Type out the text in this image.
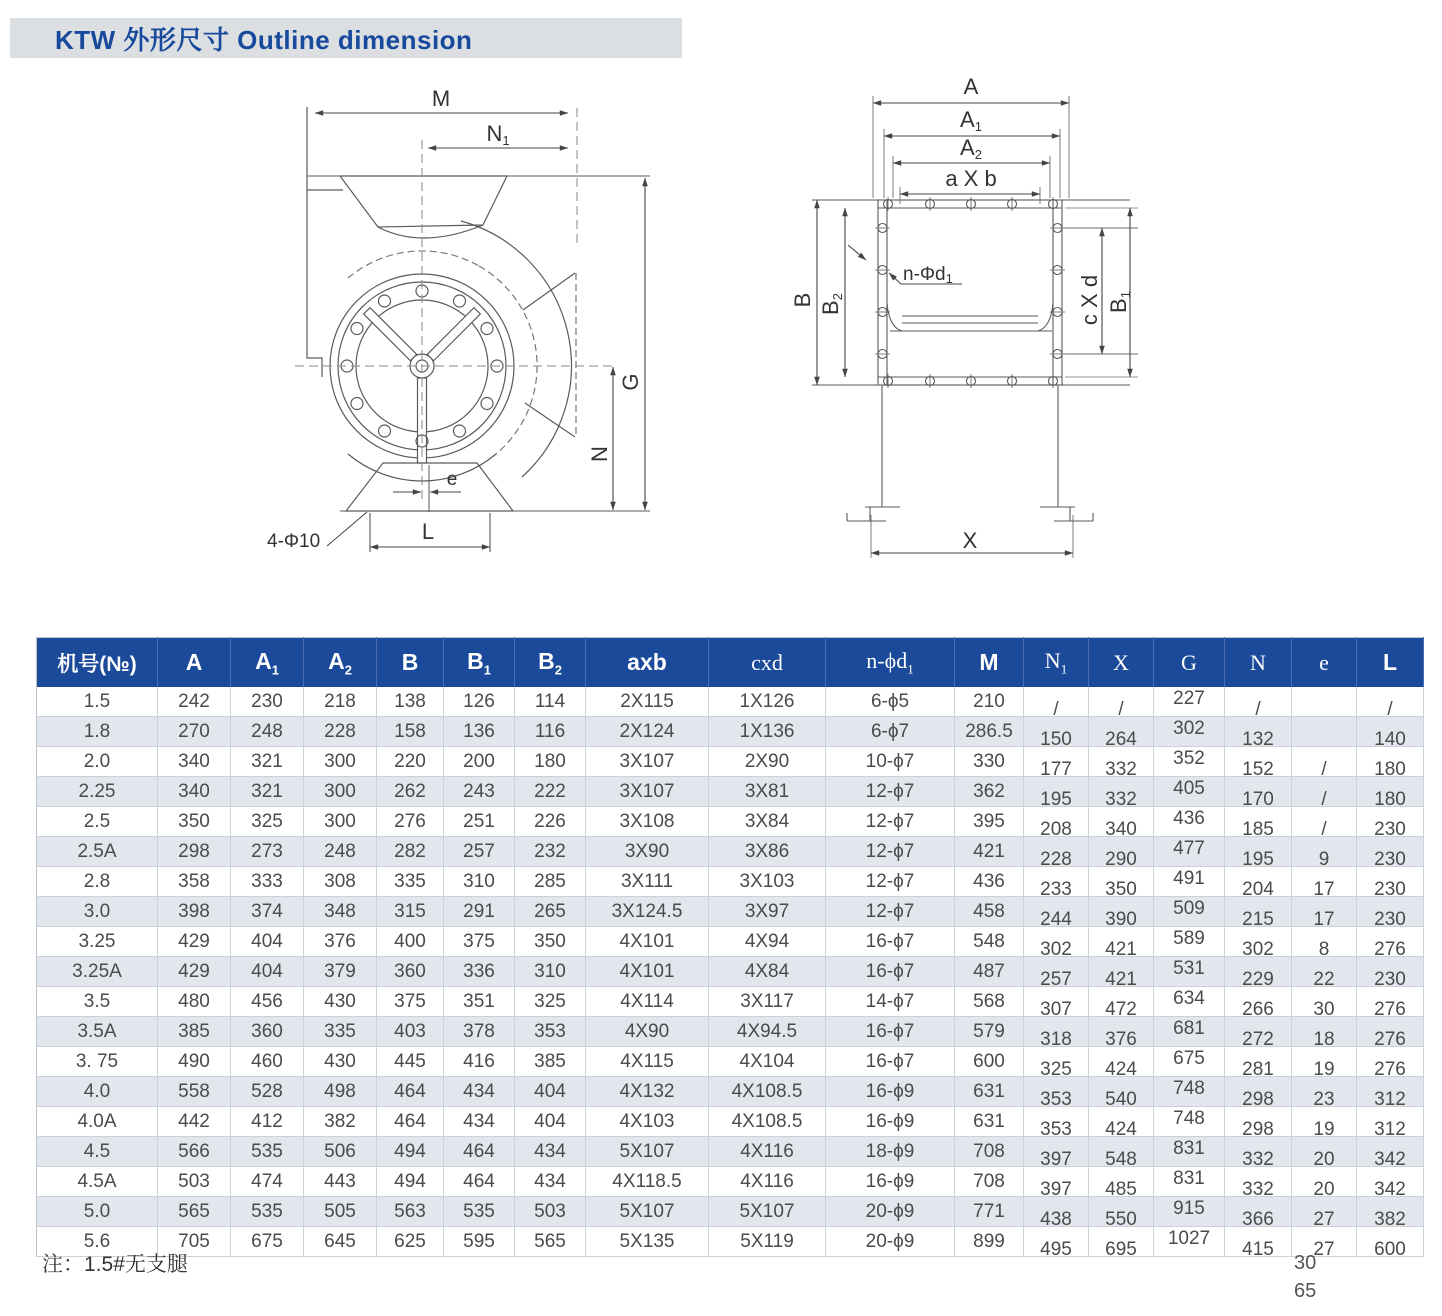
KTW 外形尺寸 Outline dimension
M
N1
G
N
e
L
4-Φ10
A
A1
A2
a X b
B
B2	c X d B1
n-Φd1
X
机号(№)	A	$A_1$	$A_2$	B	$B_1$	$B_2$	axb	cxd	$n-\phi d_1$	M	$N_1$	X	G	N	e	L
1.5	242	230	218	138	126	114	2X115	1X126	6-ϕ5	210	/	/	227	/		/
1.8	270	248	228	158	136	116	2X124	1X136	6-ϕ7	286.5	150	264	302	132		140
2.0	340	321	300	220	200	180	3X107	2X90	10-ϕ7	330	177	332	352	152	/	180
2.25	340	321	300	262	243	222	3X107	3X81	12-ϕ7	362	195	332	405	170	/	180
2.5	350	325	300	276	251	226	3X108	3X84	12-ϕ7	395	208	340	436	185	/	230
2.5A	298	273	248	282	257	232	3X90	3X86	12-ϕ7	421	228	290	477	195	9	230
2.8	358	333	308	335	310	285	3X111	3X103	12-ϕ7	436	233	350	491	204	17	230
3.0	398	374	348	315	291	265	3X124.5	3X97	12-ϕ7	458	244	390	509	215	17	230
3.25	429	404	376	400	375	350	4X101	4X94	16-ϕ7	548	302	421	589	302	8	276
3.25A	429	404	379	360	336	310	4X101	4X84	16-ϕ7	487	257	421	531	229	22	230
3.5	480	456	430	375	351	325	4X114	3X117	14-ϕ7	568	307	472	634	266	30	276
3.5A	385	360	335	403	378	353	4X90	4X94.5	16-ϕ7	579	318	376	681	272	18	276
3. 75	490	460	430	445	416	385	4X115	4X104	16-ϕ7	600	325	424	675	281	19	276
4.0	558	528	498	464	434	404	4X132	4X108.5	16-ϕ9	631	353	540	748	298	23	312
4.0A	442	412	382	464	434	404	4X103	4X108.5	16-ϕ9	631	353	424	748	298	19	312
4.5	566	535	506	494	464	434	5X107	4X116	18-ϕ9	708	397	548	831	332	20	342
4.5A	503	474	443	494	464	434	4X118.5	4X116	16-ϕ9	708	397	485	831	332	20	342
5.0	565	535	505	563	535	503	5X107	5X107	20-ϕ9	771	438	550	915	366	27	382
5.6	705	675	645	625	595	565	5X135	5X119	20-ϕ9	899	495	695	1027	415	27	600
注：1.5#无支腿	30
65
